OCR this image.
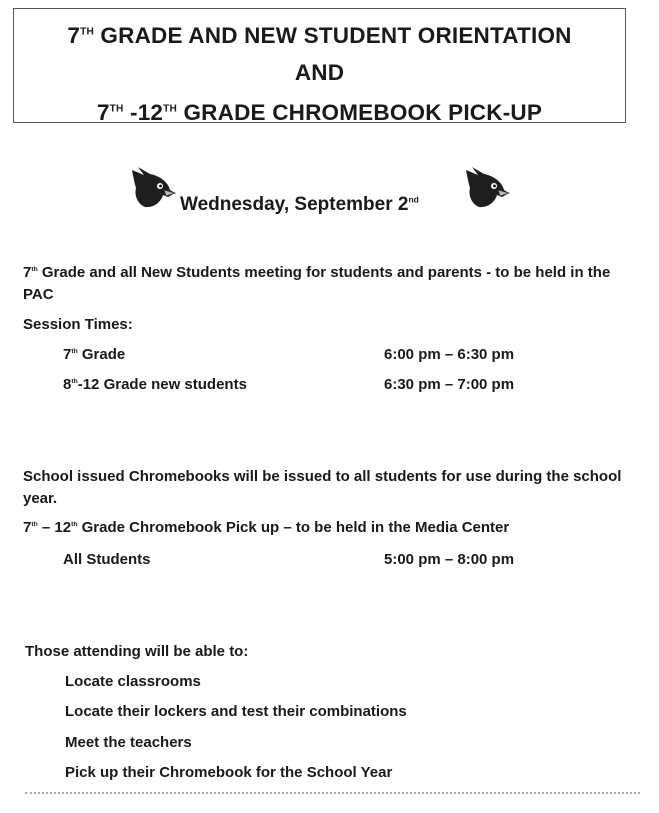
7TH GRADE AND NEW STUDENT ORIENTATION
AND
7TH -12TH GRADE CHROMEBOOK PICK-UP
Wednesday, September 2nd
7th Grade and all New Students meeting for students and parents - to be held in the PAC
Session Times:
7th Grade	6:00 pm – 6:30 pm
8th-12 Grade new students	6:30 pm – 7:00 pm
School issued Chromebooks will be issued to all students for use during the school year.
7th – 12th Grade Chromebook Pick up – to be held in the Media Center
All Students	5:00 pm – 8:00 pm
Those attending will be able to:
Locate classrooms
Locate their lockers and test their combinations
Meet the teachers
Pick up their Chromebook for the School Year
